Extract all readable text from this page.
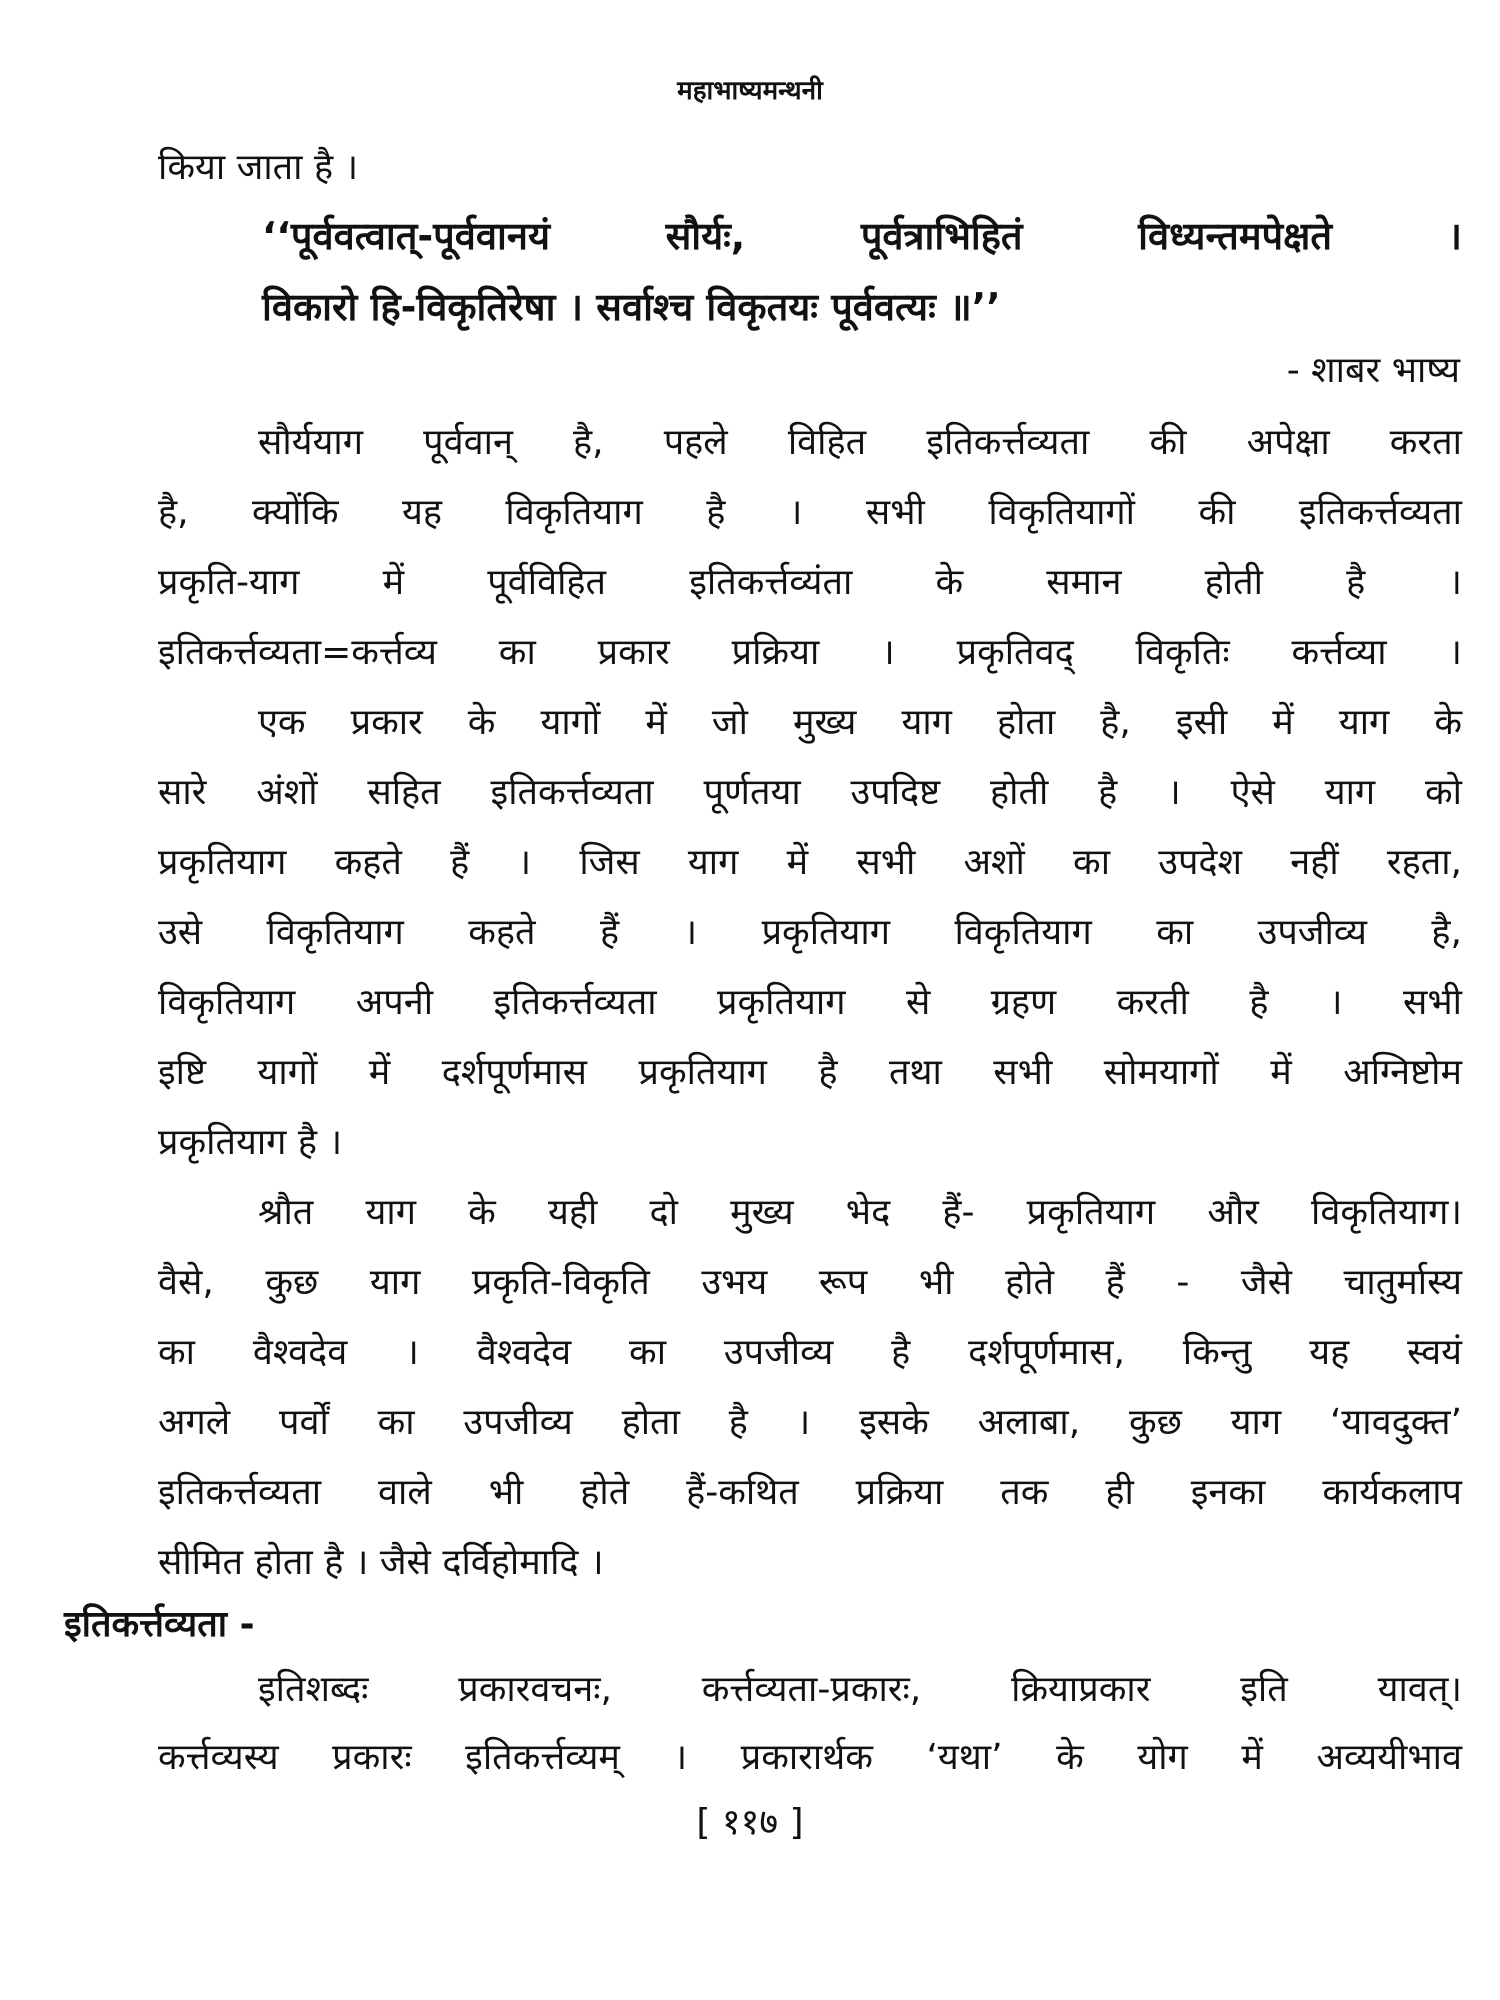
महाभाष्यमन्थनी
किया जाता है ।
‘‘पूर्ववत्वात्-पूर्ववानयं सौर्यः, पूर्वत्राभिहितं विध्यन्तमपेक्षते ।
विकारो हि-विकृतिरेषा । सर्वाश्च विकृतयः पूर्ववत्यः ॥’’
- शाबर भाष्य
सौर्ययाग पूर्ववान् है, पहले विहित इतिकर्त्तव्यता की अपेक्षा करता
है, क्योंकि यह विकृतियाग है । सभी विकृतियागों की इतिकर्त्तव्यता
प्रकृति-याग में पूर्वविहित इतिकर्त्तव्यंता के समान होती है ।
इतिकर्त्तव्यता=कर्त्तव्य का प्रकार प्रक्रिया । प्रकृतिवद् विकृतिः कर्त्तव्या ।
एक प्रकार के यागों में जो मुख्य याग होता है, इसी में याग के
सारे अंशों सहित इतिकर्त्तव्यता पूर्णतया उपदिष्ट होती है । ऐसे याग को
प्रकृतियाग कहते हैं । जिस याग में सभी अशों का उपदेश नहीं रहता,
उसे विकृतियाग कहते हैं । प्रकृतियाग विकृतियाग का उपजीव्य है,
विकृतियाग अपनी इतिकर्त्तव्यता प्रकृतियाग से ग्रहण करती है । सभी
इष्टि यागों में दर्शपूर्णमास प्रकृतियाग है तथा सभी सोमयागों में अग्निष्टोम
प्रकृतियाग है ।
श्रौत याग के यही दो मुख्य भेद हैं- प्रकृतियाग और विकृतियाग।
वैसे, कुछ याग प्रकृति-विकृति उभय रूप भी होते हैं - जैसे चातुर्मास्य
का वैश्वदेव । वैश्वदेव का उपजीव्य है दर्शपूर्णमास, किन्तु यह स्वयं
अगले पर्वों का उपजीव्य होता है । इसके अलाबा, कुछ याग ‘यावदुक्त’
इतिकर्त्तव्यता वाले भी होते हैं-कथित प्रक्रिया तक ही इनका कार्यकलाप
सीमित होता है । जैसे दर्विहोमादि ।
इतिकर्त्तव्यता -
इतिशब्दः प्रकारवचनः, कर्त्तव्यता-प्रकारः, क्रियाप्रकार इति यावत्।
कर्त्तव्यस्य प्रकारः इतिकर्त्तव्यम् । प्रकारार्थक ‘यथा’ के योग में अव्ययीभाव
[ ११७ ]
